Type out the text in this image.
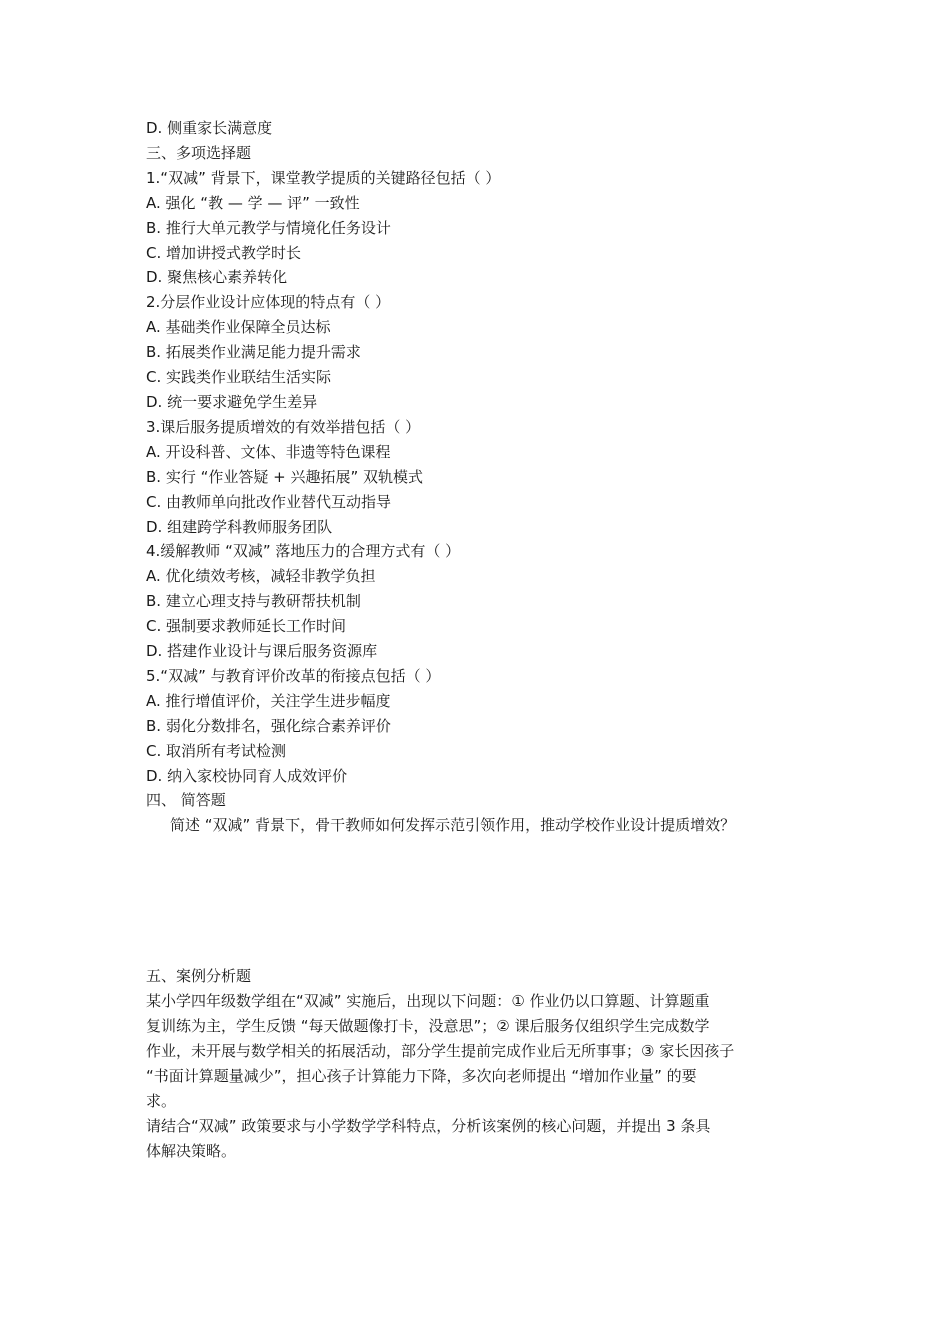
D. 侧重家长满意度

三、多项选择题

1.“双减” 背景下，课堂教学提质的关键路径包括（ ）

A. 强化 “教 — 学 — 评” 一致性

B. 推行大单元教学与情境化任务设计

C. 增加讲授式教学时长

D. 聚焦核心素养转化

2.分层作业设计应体现的特点有（ ）

A. 基础类作业保障全员达标

B. 拓展类作业满足能力提升需求

C. 实践类作业联结生活实际

D. 统一要求避免学生差异

3.课后服务提质增效的有效举措包括（ ）

A. 开设科普、文体、非遗等特色课程

B. 实行 “作业答疑 + 兴趣拓展” 双轨模式

C. 由教师单向批改作业替代互动指导

D. 组建跨学科教师服务团队

4.缓解教师 “双减” 落地压力的合理方式有（ ）

A. 优化绩效考核，减轻非教学负担

B. 建立心理支持与教研帮扶机制

C. 强制要求教师延长工作时间

D. 搭建作业设计与课后服务资源库

5.“双减” 与教育评价改革的衔接点包括（ ）

A. 推行增值评价，关注学生进步幅度

B. 弱化分数排名，强化综合素养评价

C. 取消所有考试检测

D. 纳入家校协同育人成效评价

四、 简答题

简述 “双减” 背景下，骨干教师如何发挥示范引领作用，推动学校作业设计提质增效？

五、案例分析题

某小学四年级数学组在“双减” 实施后，出现以下问题：① 作业仍以口算题、计算题重

复训练为主，学生反馈 “每天做题像打卡，没意思”；② 课后服务仅组织学生完成数学

作业，未开展与数学相关的拓展活动，部分学生提前完成作业后无所事事；③ 家长因孩子

“书面计算题量减少”，担心孩子计算能力下降，多次向老师提出 “增加作业量” 的要

求。

请结合“双减” 政策要求与小学数学学科特点，分析该案例的核心问题，并提出 3 条具

体解决策略。
